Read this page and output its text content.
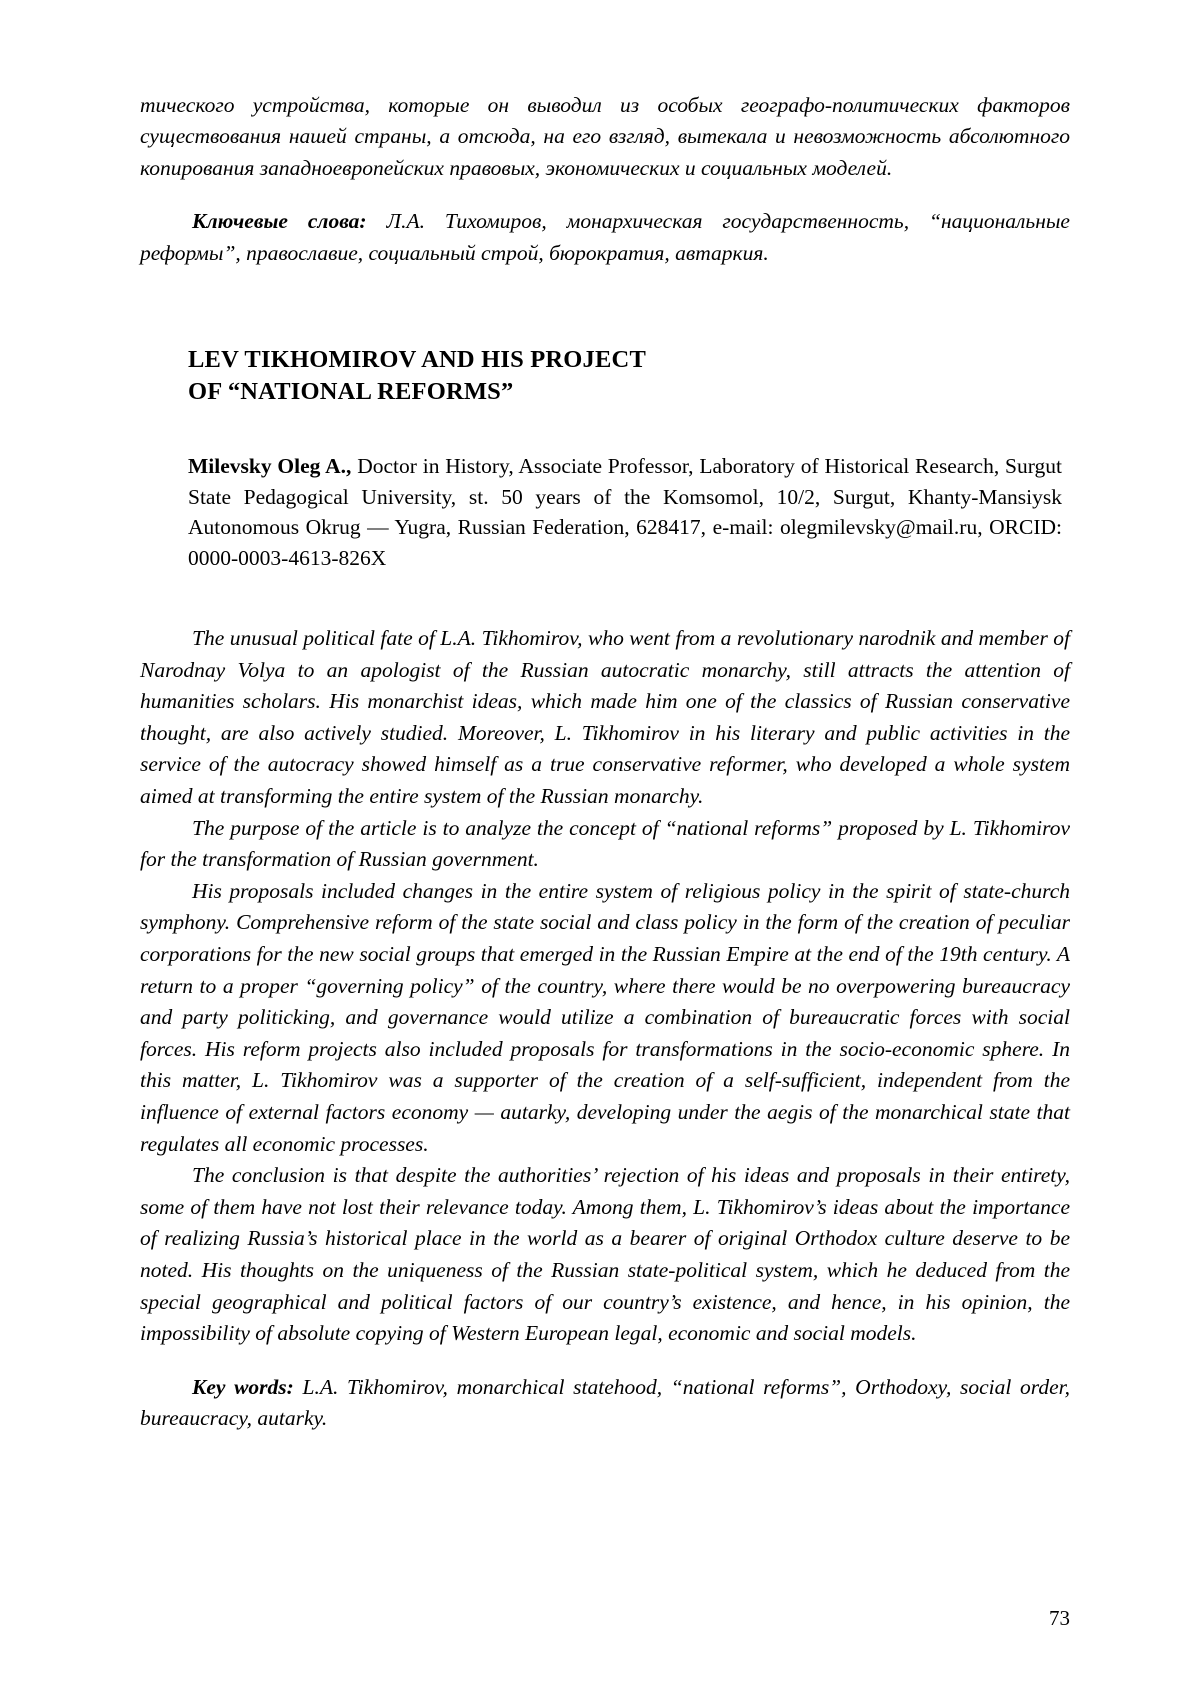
тического устройства, которые он выводил из особых географо-политических факторов существования нашей страны, а отсюда, на его взгляд, вытекала и невозможность абсолютного копирования западноевропейских правовых, экономических и социальных моделей.

Ключевые слова: Л.А. Тихомиров, монархическая государственность, “национальные реформы”, православие, социальный строй, бюрократия, автаркия.

LEV TIKHOMIROV AND HIS PROJECT
OF “NATIONAL REFORMS”

Milevsky Oleg A., Doctor in History, Associate Professor, Laboratory of Historical Research, Surgut State Pedagogical University, st. 50 years of the Komsomol, 10/2, Surgut, Khanty-Mansiysk Autonomous Okrug — Yugra, Russian Federation, 628417, e-mail: olegmilevsky@mail.ru, ORCID: 0000-0003-4613-826X

The unusual political fate of L.A. Tikhomirov, who went from a revolutionary narodnik and member of Narodnay Volya to an apologist of the Russian autocratic monarchy, still attracts the attention of humanities scholars. His monarchist ideas, which made him one of the classics of Russian conservative thought, are also actively studied. Moreover, L. Tikhomirov in his literary and public activities in the service of the autocracy showed himself as a true conservative reformer, who developed a whole system aimed at transforming the entire system of the Russian monarchy.

The purpose of the article is to analyze the concept of “national reforms” proposed by L. Tikhomirov for the transformation of Russian government.

His proposals included changes in the entire system of religious policy in the spirit of state-church symphony. Comprehensive reform of the state social and class policy in the form of the creation of peculiar corporations for the new social groups that emerged in the Russian Empire at the end of the 19th century. A return to a proper “governing policy” of the country, where there would be no overpowering bureaucracy and party politicking, and governance would utilize a combination of bureaucratic forces with social forces. His reform projects also included proposals for transformations in the socio-economic sphere. In this matter, L. Tikhomirov was a supporter of the creation of a self-sufficient, independent from the influence of external factors economy — autarky, developing under the aegis of the monarchical state that regulates all economic processes.

The conclusion is that despite the authorities’ rejection of his ideas and proposals in their entirety, some of them have not lost their relevance today. Among them, L. Tikhomirov’s ideas about the importance of realizing Russia’s historical place in the world as a bearer of original Orthodox culture deserve to be noted. His thoughts on the uniqueness of the Russian state-political system, which he deduced from the special geographical and political factors of our country’s existence, and hence, in his opinion, the impossibility of absolute copying of Western European legal, economic and social models.

Key words: L.A. Tikhomirov, monarchical statehood, “national reforms”, Orthodoxy, social order, bureaucracy, autarky.

73
